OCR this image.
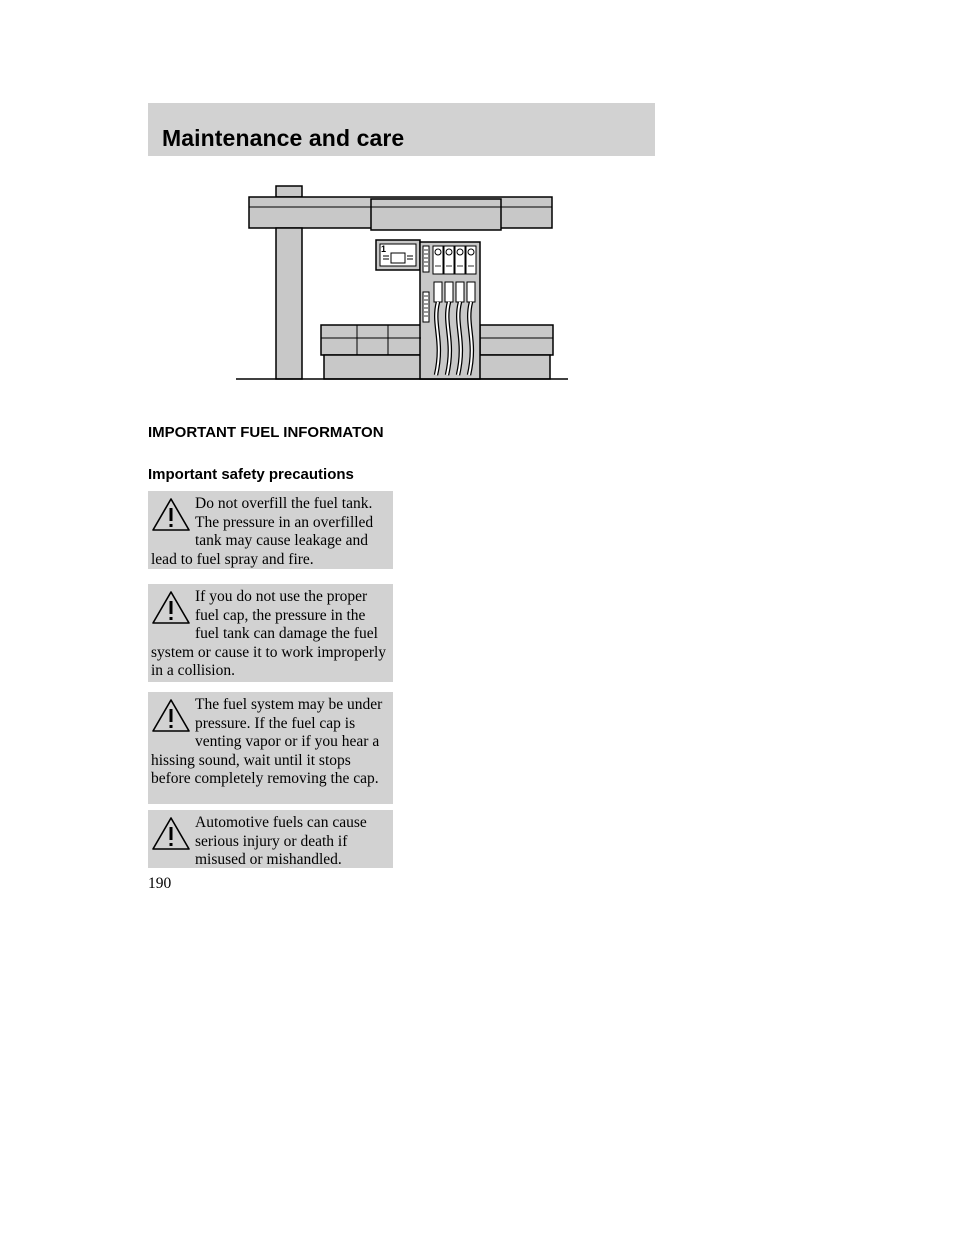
Maintenance and care
1
IMPORTANT FUEL INFORMATON
Important safety precautions
Do not overfill the fuel tank. The pressure in an overfilled tank may cause leakage and lead to fuel spray and fire.
If you do not use the proper fuel cap, the pressure in the fuel tank can damage the fuel system or cause it to work improperly in a collision.
The fuel system may be under pressure. If the fuel cap is venting vapor or if you hear a hissing sound, wait until it stops before completely removing the cap.
Automotive fuels can cause serious injury or death if misused or mishandled.
190
